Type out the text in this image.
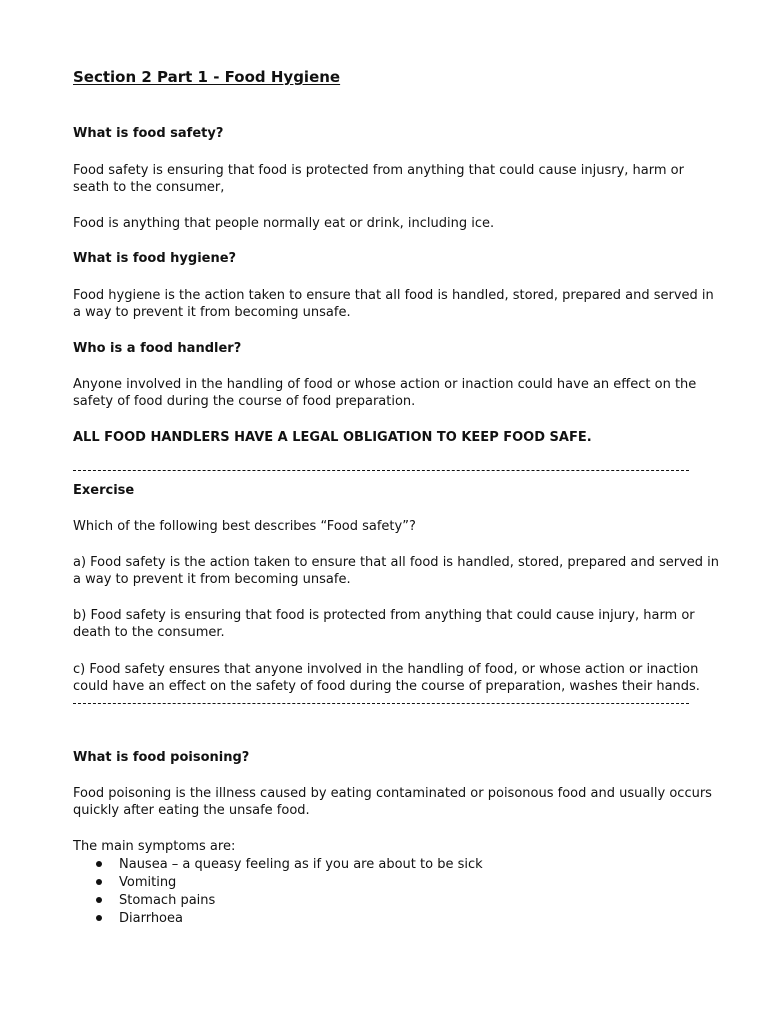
Section 2 Part 1 - Food Hygiene

What is food safety?

Food safety is ensuring that food is protected from anything that could cause injusry, harm or

seath to the consumer,

Food is anything that people normally eat or drink, including ice.

What is food hygiene?

Food hygiene is the action taken to ensure that all food is handled, stored, prepared and served in

a way to prevent it from becoming unsafe.

Who is a food handler?

Anyone involved in the handling of food or whose action or inaction could have an effect on the

safety of food during the course of food preparation.

ALL FOOD HANDLERS HAVE A LEGAL OBLIGATION TO KEEP FOOD SAFE.

Exercise

Which of the following best describes “Food safety”?

a) Food safety is the action taken to ensure that all food is handled, stored, prepared and served in

a way to prevent it from becoming unsafe.

b) Food safety is ensuring that food is protected from anything that could cause injury, harm or

death to the consumer.

c) Food safety ensures that anyone involved in the handling of food, or whose action or inaction

could have an effect on the safety of food during the course of preparation, washes their hands.

What is food poisoning?

Food poisoning is the illness caused by eating contaminated or poisonous food and usually occurs

quickly after eating the unsafe food.

The main symptoms are:

Nausea – a queasy feeling as if you are about to be sick

Vomiting

Stomach pains

Diarrhoea
